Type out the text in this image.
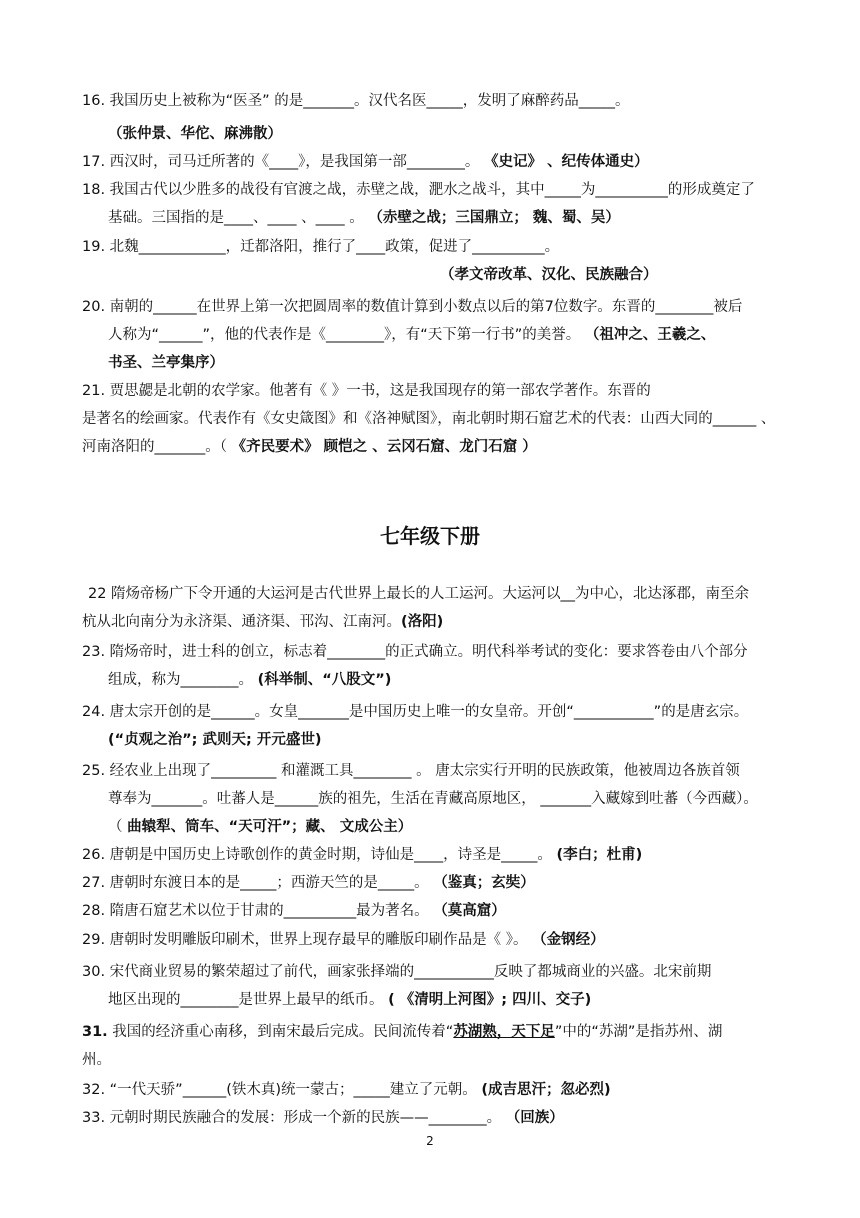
16. 我国历史上被称为“医圣” 的是_______。汉代名医_____，发明了麻醉药品_____。
（张仲景、华佗、麻沸散）
17. 西汉时，司马迁所著的《____》，是我国第一部________。 《史记》 、纪传体通史）
18. 我国古代以少胜多的战役有官渡之战，赤壁之战，淝水之战斗，其中_____为__________的形成奠定了
基础。三国指的是____、____ 、____ 。 （赤壁之战；三国鼎立； 魏、蜀、吴）
19. 北魏____________，迁都洛阳，推行了____政策，促进了__________。
（孝文帝改革、汉化、民族融合）
20. 南朝的______在世界上第一次把圆周率的数值计算到小数点以后的第7位数字。东晋的________被后
人称为“______”，他的代表作是《________》，有“天下第一行书”的美誉。 （祖冲之、王羲之、
书圣、兰亭集序）
21. 贾思勰是北朝的农学家。他著有《 》一书，这是我国现存的第一部农学著作。东晋的
是著名的绘画家。代表作有《女史箴图》和《洛神赋图》，南北朝时期石窟艺术的代表：山西大同的______ 、
河南洛阳的_______。（ 《齐民要术》 顾恺之 、云冈石窟、龙门石窟 ）
七年级下册
22 隋炀帝杨广下令开通的大运河是古代世界上最长的人工运河。大运河以__为中心，北达涿郡，南至余
杭从北向南分为永济渠、通济渠、邗沟、江南河。(洛阳)
23. 隋炀帝时，进士科的创立，标志着________的正式确立。明代科举考试的变化：要求答卷由八个部分
组成，称为________。 (科举制、“八股文”)
24. 唐太宗开创的是______。女皇_______是中国历史上唯一的女皇帝。开创“___________”的是唐玄宗。
(“贞观之治”; 武则天; 开元盛世)
25. 经农业上出现了_________ 和灌溉工具________ 。 唐太宗实行开明的民族政策，他被周边各族首领
尊奉为_______。吐蕃人是______族的祖先，生活在青藏高原地区， _______入藏嫁到吐蕃（今西藏）。
（ 曲辕犁、筒车、“天可汗”；藏、 文成公主）
26. 唐朝是中国历史上诗歌创作的黄金时期，诗仙是____，诗圣是_____。 (李白；杜甫)
27. 唐朝时东渡日本的是_____；西游天竺的是_____。 （鉴真；玄奘）
28. 隋唐石窟艺术以位于甘肃的__________最为著名。 （莫高窟）
29. 唐朝时发明雕版印刷术，世界上现存最早的雕版印刷作品是《 》。 （金钢经）
30. 宋代商业贸易的繁荣超过了前代，画家张择端的___________反映了都城商业的兴盛。北宋前期
地区出现的________是世界上最早的纸币。 ( 《清明上河图》; 四川、交子)
31. 我国的经济重心南移，到南宋最后完成。民间流传着“苏湖熟，天下足”中的“苏湖”是指苏州、湖
州。
32. “一代天骄”______(铁木真)统一蒙古；_____建立了元朝。 (成吉思汗；忽必烈)
33. 元朝时期民族融合的发展：形成一个新的民族——________。 （回族）
2
